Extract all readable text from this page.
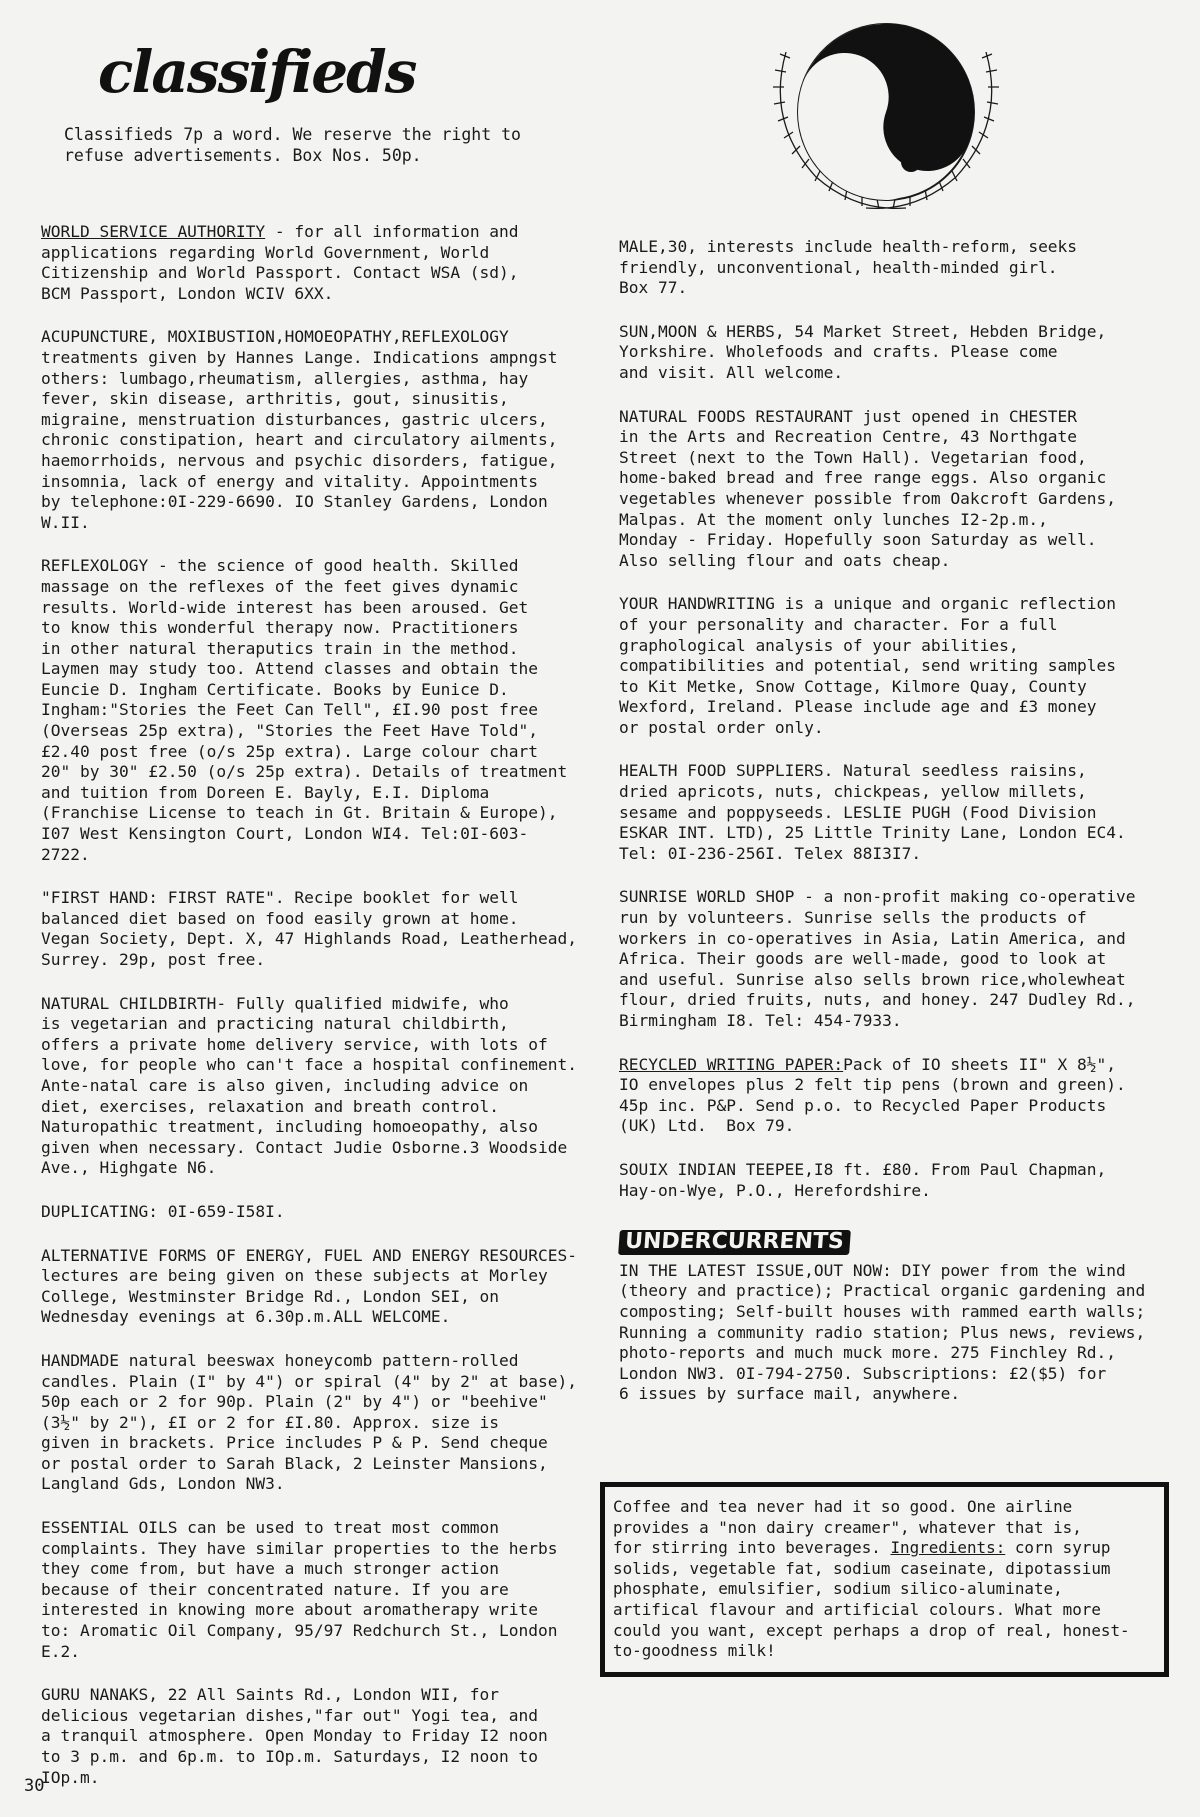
classifieds
Classifieds 7p a word. We reserve the right to
refuse advertisements. Box Nos. 50p.
WORLD SERVICE AUTHORITY - for all information and
applications regarding World Government, World
Citizenship and World Passport. Contact WSA (sd),
BCM Passport, London WCIV 6XX.
ACUPUNCTURE, MOXIBUSTION,HOMOEOPATHY,REFLEXOLOGY
treatments given by Hannes Lange. Indications ampngst
others: lumbago,rheumatism, allergies, asthma, hay
fever, skin disease, arthritis, gout, sinusitis,
migraine, menstruation disturbances, gastric ulcers,
chronic constipation, heart and circulatory ailments,
haemorrhoids, nervous and psychic disorders, fatigue,
insomnia, lack of energy and vitality. Appointments
by telephone:0I-229-6690. IO Stanley Gardens, London
W.II.
REFLEXOLOGY - the science of good health. Skilled
massage on the reflexes of the feet gives dynamic
results. World-wide interest has been aroused. Get
to know this wonderful therapy now. Practitioners
in other natural theraputics train in the method.
Laymen may study too. Attend classes and obtain the
Euncie D. Ingham Certificate. Books by Eunice D.
Ingham:"Stories the Feet Can Tell", £I.90 post free
(Overseas 25p extra), "Stories the Feet Have Told",
£2.40 post free (o/s 25p extra). Large colour chart
20" by 30" £2.50 (o/s 25p extra). Details of treatment
and tuition from Doreen E. Bayly, E.I. Diploma
(Franchise License to teach in Gt. Britain & Europe),
I07 West Kensington Court, London WI4. Tel:0I-603-
2722.
"FIRST HAND: FIRST RATE". Recipe booklet for well
balanced diet based on food easily grown at home.
Vegan Society, Dept. X, 47 Highlands Road, Leatherhead,
Surrey. 29p, post free.
NATURAL CHILDBIRTH- Fully qualified midwife, who
is vegetarian and practicing natural childbirth,
offers a private home delivery service, with lots of
love, for people who can't face a hospital confinement.
Ante-natal care is also given, including advice on
diet, exercises, relaxation and breath control.
Naturopathic treatment, including homoeopathy, also
given when necessary. Contact Judie Osborne.3 Woodside
Ave., Highgate N6.
DUPLICATING: 0I-659-I58I.
ALTERNATIVE FORMS OF ENERGY, FUEL AND ENERGY RESOURCES-
lectures are being given on these subjects at Morley
College, Westminster Bridge Rd., London SEI, on
Wednesday evenings at 6.30p.m.ALL WELCOME.
HANDMADE natural beeswax honeycomb pattern-rolled
candles. Plain (I" by 4") or spiral (4" by 2" at base),
50p each or 2 for 90p. Plain (2" by 4") or "beehive"
(3½" by 2"), £I or 2 for £I.80. Approx. size is
given in brackets. Price includes P & P. Send cheque
or postal order to Sarah Black, 2 Leinster Mansions,
Langland Gds, London NW3.
ESSENTIAL OILS can be used to treat most common
complaints. They have similar properties to the herbs
they come from, but have a much stronger action
because of their concentrated nature. If you are
interested in knowing more about aromatherapy write
to: Aromatic Oil Company, 95/97 Redchurch St., London
E.2.
GURU NANAKS, 22 All Saints Rd., London WII, for
delicious vegetarian dishes,"far out" Yogi tea, and
a tranquil atmosphere. Open Monday to Friday I2 noon
to 3 p.m. and 6p.m. to IOp.m. Saturdays, I2 noon to
IOp.m.
MALE,30, interests include health-reform, seeks
friendly, unconventional, health-minded girl.
Box 77.
SUN,MOON & HERBS, 54 Market Street, Hebden Bridge,
Yorkshire. Wholefoods and crafts. Please come
and visit. All welcome.
NATURAL FOODS RESTAURANT just opened in CHESTER
in the Arts and Recreation Centre, 43 Northgate
Street (next to the Town Hall). Vegetarian food,
home-baked bread and free range eggs. Also organic
vegetables whenever possible from Oakcroft Gardens,
Malpas. At the moment only lunches I2-2p.m.,
Monday - Friday. Hopefully soon Saturday as well.
Also selling flour and oats cheap.
YOUR HANDWRITING is a unique and organic reflection
of your personality and character. For a full
graphological analysis of your abilities,
compatibilities and potential, send writing samples
to Kit Metke, Snow Cottage, Kilmore Quay, County
Wexford, Ireland. Please include age and £3 money
or postal order only.
HEALTH FOOD SUPPLIERS. Natural seedless raisins,
dried apricots, nuts, chickpeas, yellow millets,
sesame and poppyseeds. LESLIE PUGH (Food Division
ESKAR INT. LTD), 25 Little Trinity Lane, London EC4.
Tel: 0I-236-256I. Telex 88I3I7.
SUNRISE WORLD SHOP - a non-profit making co-operative
run by volunteers. Sunrise sells the products of
workers in co-operatives in Asia, Latin America, and
Africa. Their goods are well-made, good to look at
and useful. Sunrise also sells brown rice,wholewheat
flour, dried fruits, nuts, and honey. 247 Dudley Rd.,
Birmingham I8. Tel: 454-7933.
RECYCLED WRITING PAPER:Pack of IO sheets II" X 8½",
IO envelopes plus 2 felt tip pens (brown and green).
45p inc. P&P. Send p.o. to Recycled Paper Products
(UK) Ltd.  Box 79.
SOUIX INDIAN TEEPEE,I8 ft. £80. From Paul Chapman,
Hay-on-Wye, P.O., Herefordshire.
UNDERCURRENTS
IN THE LATEST ISSUE,OUT NOW: DIY power from the wind
(theory and practice); Practical organic gardening and
composting; Self-built houses with rammed earth walls;
Running a community radio station; Plus news, reviews,
photo-reports and much muck more. 275 Finchley Rd.,
London NW3. 0I-794-2750. Subscriptions: £2($5) for
6 issues by surface mail, anywhere.
Coffee and tea never had it so good. One airline
provides a "non dairy creamer", whatever that is,
for stirring into beverages. Ingredients: corn syrup
solids, vegetable fat, sodium caseinate, dipotassium
phosphate, emulsifier, sodium silico-aluminate,
artifical flavour and artificial colours. What more
could you want, except perhaps a drop of real, honest-
to-goodness milk!
30
